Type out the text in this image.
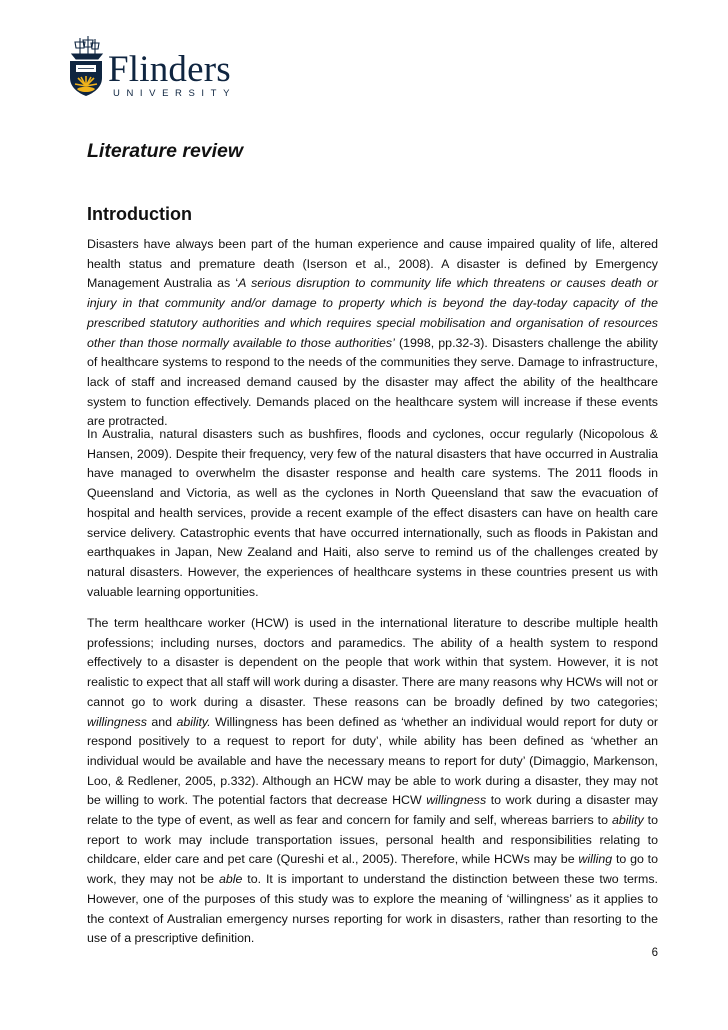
Flinders
UNIVERSITY
Literature review
Introduction

Disasters have always been part of the human experience and cause impaired quality of life, altered health status and premature death (Iserson et al., 2008). A disaster is defined by Emergency Management Australia as ‘A serious disruption to community life which threatens or causes death or injury in that community and/or damage to property which is beyond the day-today capacity of the prescribed statutory authorities and which requires special mobilisation and organisation of resources other than those normally available to those authorities’ (1998, pp.32-3). Disasters challenge the ability of healthcare systems to respond to the needs of the communities they serve. Damage to infrastructure, lack of staff and increased demand caused by the disaster may affect the ability of the healthcare system to function effectively. Demands placed on the healthcare system will increase if these events are protracted.

In Australia, natural disasters such as bushfires, floods and cyclones, occur regularly (Nicopolous & Hansen, 2009). Despite their frequency, very few of the natural disasters that have occurred in Australia have managed to overwhelm the disaster response and health care systems. The 2011 floods in Queensland and Victoria, as well as the cyclones in North Queensland that saw the evacuation of hospital and health services, provide a recent example of the effect disasters can have on health care service delivery. Catastrophic events that have occurred internationally, such as floods in Pakistan and earthquakes in Japan, New Zealand and Haiti, also serve to remind us of the challenges created by natural disasters. However, the experiences of healthcare systems in these countries present us with valuable learning opportunities.

The term healthcare worker (HCW) is used in the international literature to describe multiple health professions; including nurses, doctors and paramedics. The ability of a health system to respond effectively to a disaster is dependent on the people that work within that system. However, it is not realistic to expect that all staff will work during a disaster. There are many reasons why HCWs will not or cannot go to work during a disaster. These reasons can be broadly defined by two categories; willingness and ability. Willingness has been defined as ‘whether an individual would report for duty or respond positively to a request to report for duty’, while ability has been defined as ‘whether an individual would be available and have the necessary means to report for duty’ (Dimaggio, Markenson, Loo, & Redlener, 2005, p.332). Although an HCW may be able to work during a disaster, they may not be willing to work. The potential factors that decrease HCW willingness to work during a disaster may relate to the type of event, as well as fear and concern for family and self, whereas barriers to ability to report to work may include transportation issues, personal health and responsibilities relating to childcare, elder care and pet care (Qureshi et al., 2005). Therefore, while HCWs may be willing to go to work, they may not be able to. It is important to understand the distinction between these two terms. However, one of the purposes of this study was to explore the meaning of ‘willingness’ as it applies to the context of Australian emergency nurses reporting for work in disasters, rather than resorting to the use of a prescriptive definition.

6
